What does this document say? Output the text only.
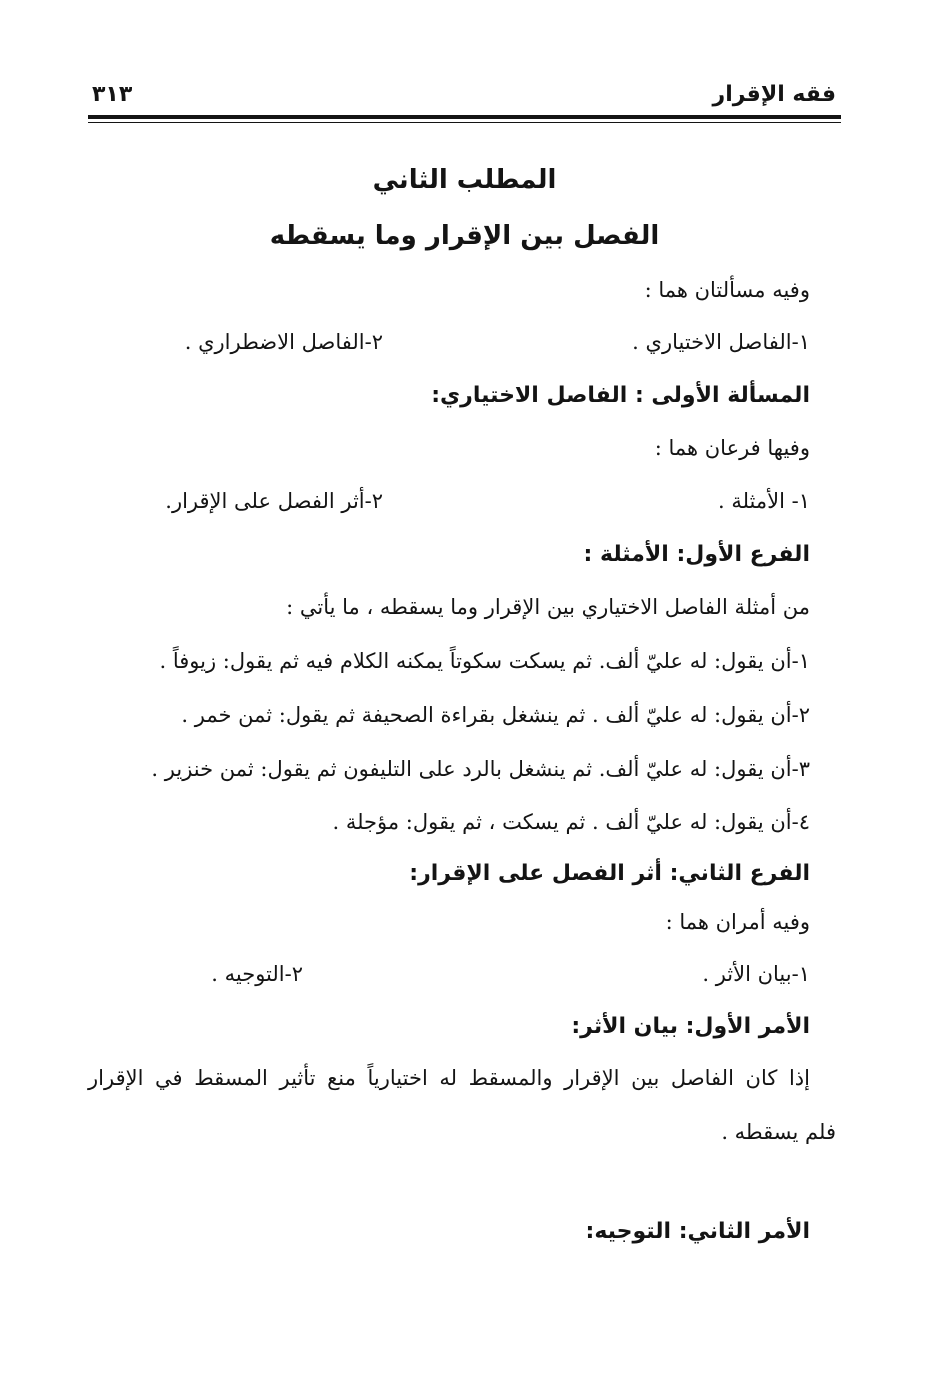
فقه الإقرار
٣١٣
المطلب الثاني
الفصل بين الإقرار وما يسقطه
وفيه مسألتان هما :
١-الفاصل الاختياري .
٢-الفاصل الاضطراري .
المسألة الأولى : الفاصل الاختياري:
وفيها فرعان هما :
١- الأمثلة .
٢-أثر الفصل على الإقرار.
الفرع الأول: الأمثلة :
من أمثلة الفاصل الاختياري بين الإقرار وما يسقطه ، ما يأتي :
١-أن يقول: له عليّ ألف. ثم يسكت سكوتاً يمكنه الكلام فيه ثم يقول: زيوفاً .
٢-أن يقول: له عليّ ألف . ثم ينشغل بقراءة الصحيفة ثم يقول: ثمن خمر .
٣-أن يقول: له عليّ ألف. ثم ينشغل بالرد على التليفون ثم يقول: ثمن خنزير .
٤-أن يقول: له عليّ ألف . ثم يسكت ، ثم يقول: مؤجلة .
الفرع الثاني: أثر الفصل على الإقرار:
وفيه أمران هما :
١-بيان الأثر .
٢-التوجيه .
الأمر الأول: بيان الأثر:
إذا كان الفاصل بين الإقرار والمسقط له اختيارياً منع تأثير المسقط في الإقرار
فلم يسقطه .
الأمر الثاني: التوجيه:
